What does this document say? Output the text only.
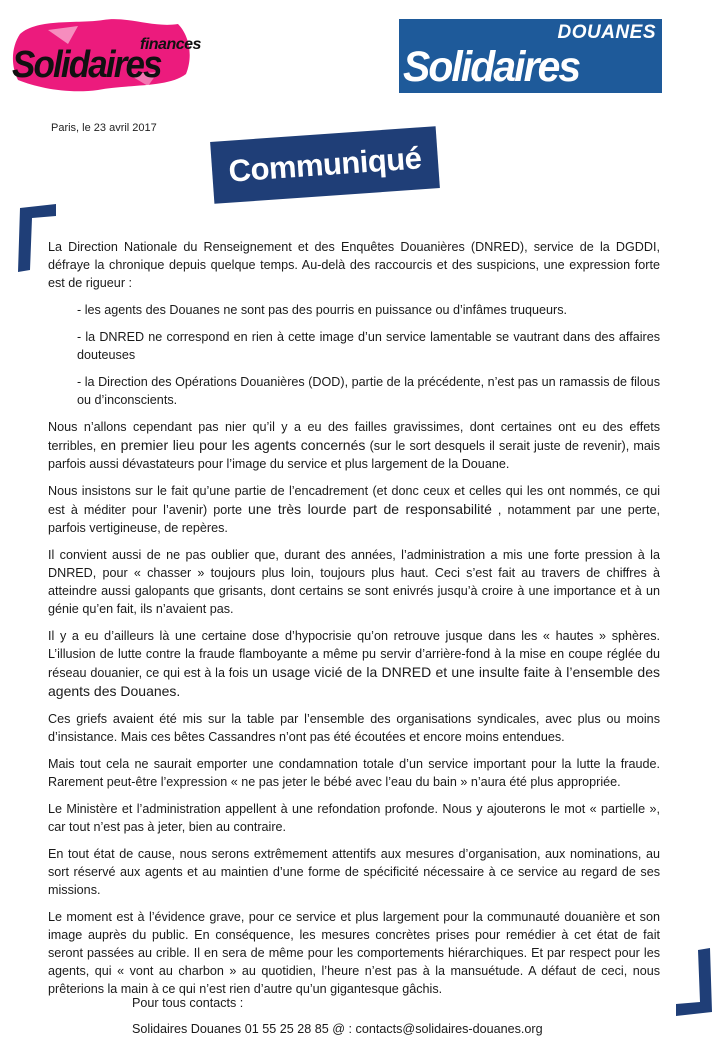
Solidaires
finances
DOUANES
Solidaires
Paris, le 23 avril 2017
Communiqué

La Direction Nationale du Renseignement et des Enquêtes Douanières (DNRED), service de la DGDDI, défraye la chronique depuis quelque temps. Au-delà des raccourcis et des suspicions, une expression forte est de rigueur :

- les agents des Douanes ne sont pas des pourris en puissance ou d’infâmes truqueurs.

- la DNRED ne correspond en rien à cette image d’un service lamentable se vautrant dans des affaires douteuses

- la Direction des Opérations Douanières (DOD), partie de la précédente, n’est pas un ramassis de filous ou d’inconscients.

Nous n’allons cependant pas nier qu’il y a eu des failles gravissimes, dont certaines ont eu des effets terribles, en premier lieu pour les agents concernés (sur le sort desquels il serait juste de revenir), mais parfois aussi dévastateurs pour l’image du service et plus largement de la Douane.

Nous insistons sur le fait qu’une partie de l’encadrement (et donc ceux et celles qui les ont nommés, ce qui est à méditer pour l’avenir) porte une très lourde part de responsabilité , notamment par une perte, parfois vertigineuse, de repères.

Il convient aussi de ne pas oublier que, durant des années, l’administration a mis une forte pression à la DNRED, pour « chasser » toujours plus loin, toujours plus haut. Ceci s’est fait au travers de chiffres à atteindre aussi galopants que grisants, dont certains se sont enivrés jusqu’à croire à une importance et à un génie qu’en fait, ils n’avaient pas.

Il y a eu d’ailleurs là une certaine dose d’hypocrisie qu’on retrouve jusque dans les « hautes » sphères. L’illusion de lutte contre la fraude flamboyante a même pu servir d’arrière-fond à la mise en coupe réglée du réseau douanier, ce qui est à la fois un usage vicié de la DNRED et une insulte faite à l’ensemble des agents des Douanes.

Ces griefs avaient été mis sur la table par l’ensemble des organisations syndicales, avec plus ou moins d’insistance. Mais ces bêtes Cassandres n’ont pas été écoutées et encore moins entendues.

Mais tout cela ne saurait emporter une condamnation totale d’un service important pour la lutte la fraude. Rarement peut-être l’expression « ne pas jeter le bébé avec l’eau du bain » n’aura été plus appropriée.

Le Ministère et l’administration appellent à une refondation profonde. Nous y ajouterons le mot « partielle », car tout n’est pas à jeter, bien au contraire.

En tout état de cause, nous serons extrêmement attentifs aux mesures d’organisation, aux nominations, au sort réservé aux agents et au maintien d’une forme de spécificité nécessaire à ce service au regard de ses missions.

Le moment est à l’évidence grave, pour ce service et plus largement pour la communauté douanière et son image auprès du public. En conséquence, les mesures concrètes prises pour remédier à cet état de fait seront passées au crible. Il en sera de même pour les comportements hiérarchiques. Et par respect pour les agents, qui « vont au charbon » au quotidien, l’heure n’est pas à la mansuétude. A défaut de ceci, nous prêterions la main à ce qui n’est rien d’autre qu’un gigantesque gâchis.

Pour tous contacts :
Solidaires Douanes 01 55 25 28 85 @ : contacts@solidaires-douanes.org
